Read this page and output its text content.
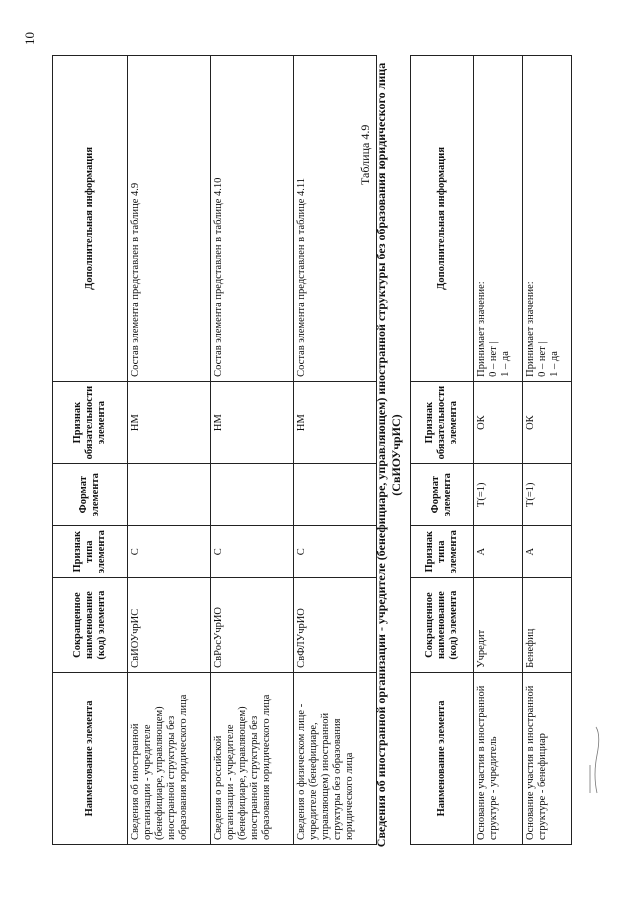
10
Наименование элемента	Сокращенное наименование (код) элемента	Признак типа элемента	Формат элемента	Признак обязательности элемента	Дополнительная информация
Сведения об иностранной организации - учредителе (бенефициаре, управляющем) иностранной структуры без образования юридического лица	СвИОУчрИС	С		НМ	Состав элемента представлен в таблице 4.9
Сведения о российской организации - учредителе (бенефициаре, управляющем) иностранной структуры без образования юридического лица	СвРосУчрИО	С		НМ	Состав элемента представлен в таблице 4.10
Сведения о физическом лице - учредителе (бенефициаре, управляющем) иностранной структуры без образования юридического лица	СвФЛУчрИО	С		НМ	Состав элемента представлен в таблице 4.11
Таблица 4.9 Сведения об иностранной организации - учредителе (бенефициаре, управляющем) иностранной структуры без образования юридического лица (СвИОУчрИС)
Наименование элемента	Сокращенное наименование (код) элемента	Признак типа элемента	Формат элемента	Признак обязательности элемента	Дополнительная информация
Основание участия в иностранной структуре - учредитель	Учредит	А	T(=1)	ОК	Принимает значение: 0 – нет | 1 – да

Основание участия в иностранной структуре - бенефициар	Бенефиц	А	T(=1)	ОК	Принимает значение: 0 – нет | 1 – да
